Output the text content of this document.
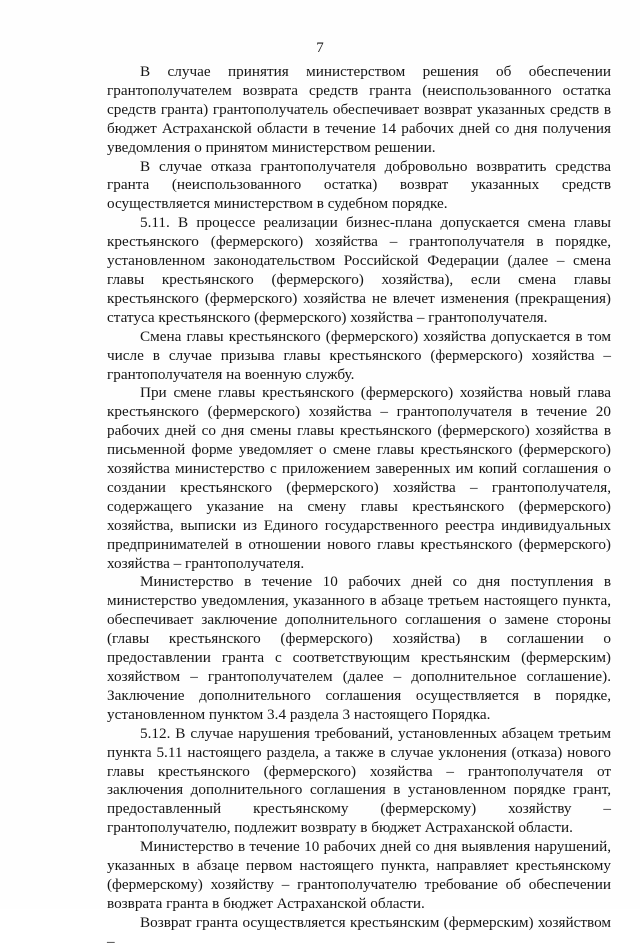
7

В случае принятия министерством решения об обеспечении грантополучателем возврата средств гранта (неиспользованного остатка средств гранта) грантополучатель обеспечивает возврат указанных средств в бюджет Астраханской области в течение 14 рабочих дней со дня получения уведомления о принятом министерством решении.

В случае отказа грантополучателя добровольно возвратить средства гранта (неиспользованного остатка) возврат указанных средств осуществляется министерством в судебном порядке.

5.11. В процессе реализации бизнес-плана допускается смена главы крестьянского (фермерского) хозяйства – грантополучателя в порядке, установленном законодательством Российской Федерации (далее – смена главы крестьянского (фермерского) хозяйства), если смена главы крестьянского (фермерского) хозяйства не влечет изменения (прекращения) статуса крестьянского (фермерского) хозяйства – грантополучателя.

Смена главы крестьянского (фермерского) хозяйства допускается в том числе в случае призыва главы крестьянского (фермерского) хозяйства – грантополучателя на военную службу.

При смене главы крестьянского (фермерского) хозяйства новый глава крестьянского (фермерского) хозяйства – грантополучателя в течение 20 рабочих дней со дня смены главы крестьянского (фермерского) хозяйства в письменной форме уведомляет о смене главы крестьянского (фермерского) хозяйства министерство с приложением заверенных им копий соглашения о создании крестьянского (фермерского) хозяйства – грантополучателя, содержащего указание на смену главы крестьянского (фермерского) хозяйства, выписки из Единого государственного реестра индивидуальных предпринимателей в отношении нового главы крестьянского (фермерского) хозяйства – грантополучателя.

Министерство в течение 10 рабочих дней со дня поступления в министерство уведомления, указанного в абзаце третьем настоящего пункта, обеспечивает заключение дополнительного соглашения о замене стороны (главы крестьянского (фермерского) хозяйства) в соглашении о предоставлении гранта с соответствующим крестьянским (фермерским) хозяйством – грантополучателем (далее – дополнительное соглашение). Заключение дополнительного соглашения осуществляется в порядке, установленном пунктом 3.4 раздела 3 настоящего Порядка.

5.12. В случае нарушения требований, установленных абзацем третьим пункта 5.11 настоящего раздела, а также в случае уклонения (отказа) нового главы крестьянского (фермерского) хозяйства – грантополучателя от заключения дополнительного соглашения в установленном порядке грант, предоставленный крестьянскому (фермерскому) хозяйству – грантополучателю, подлежит возврату в бюджет Астраханской области.

Министерство в течение 10 рабочих дней со дня выявления нарушений, указанных в абзаце первом настоящего пункта, направляет крестьянскому (фермерскому) хозяйству – грантополучателю требование об обеспечении возврата гранта в бюджет Астраханской области.

Возврат гранта осуществляется крестьянским (фермерским) хозяйством –
